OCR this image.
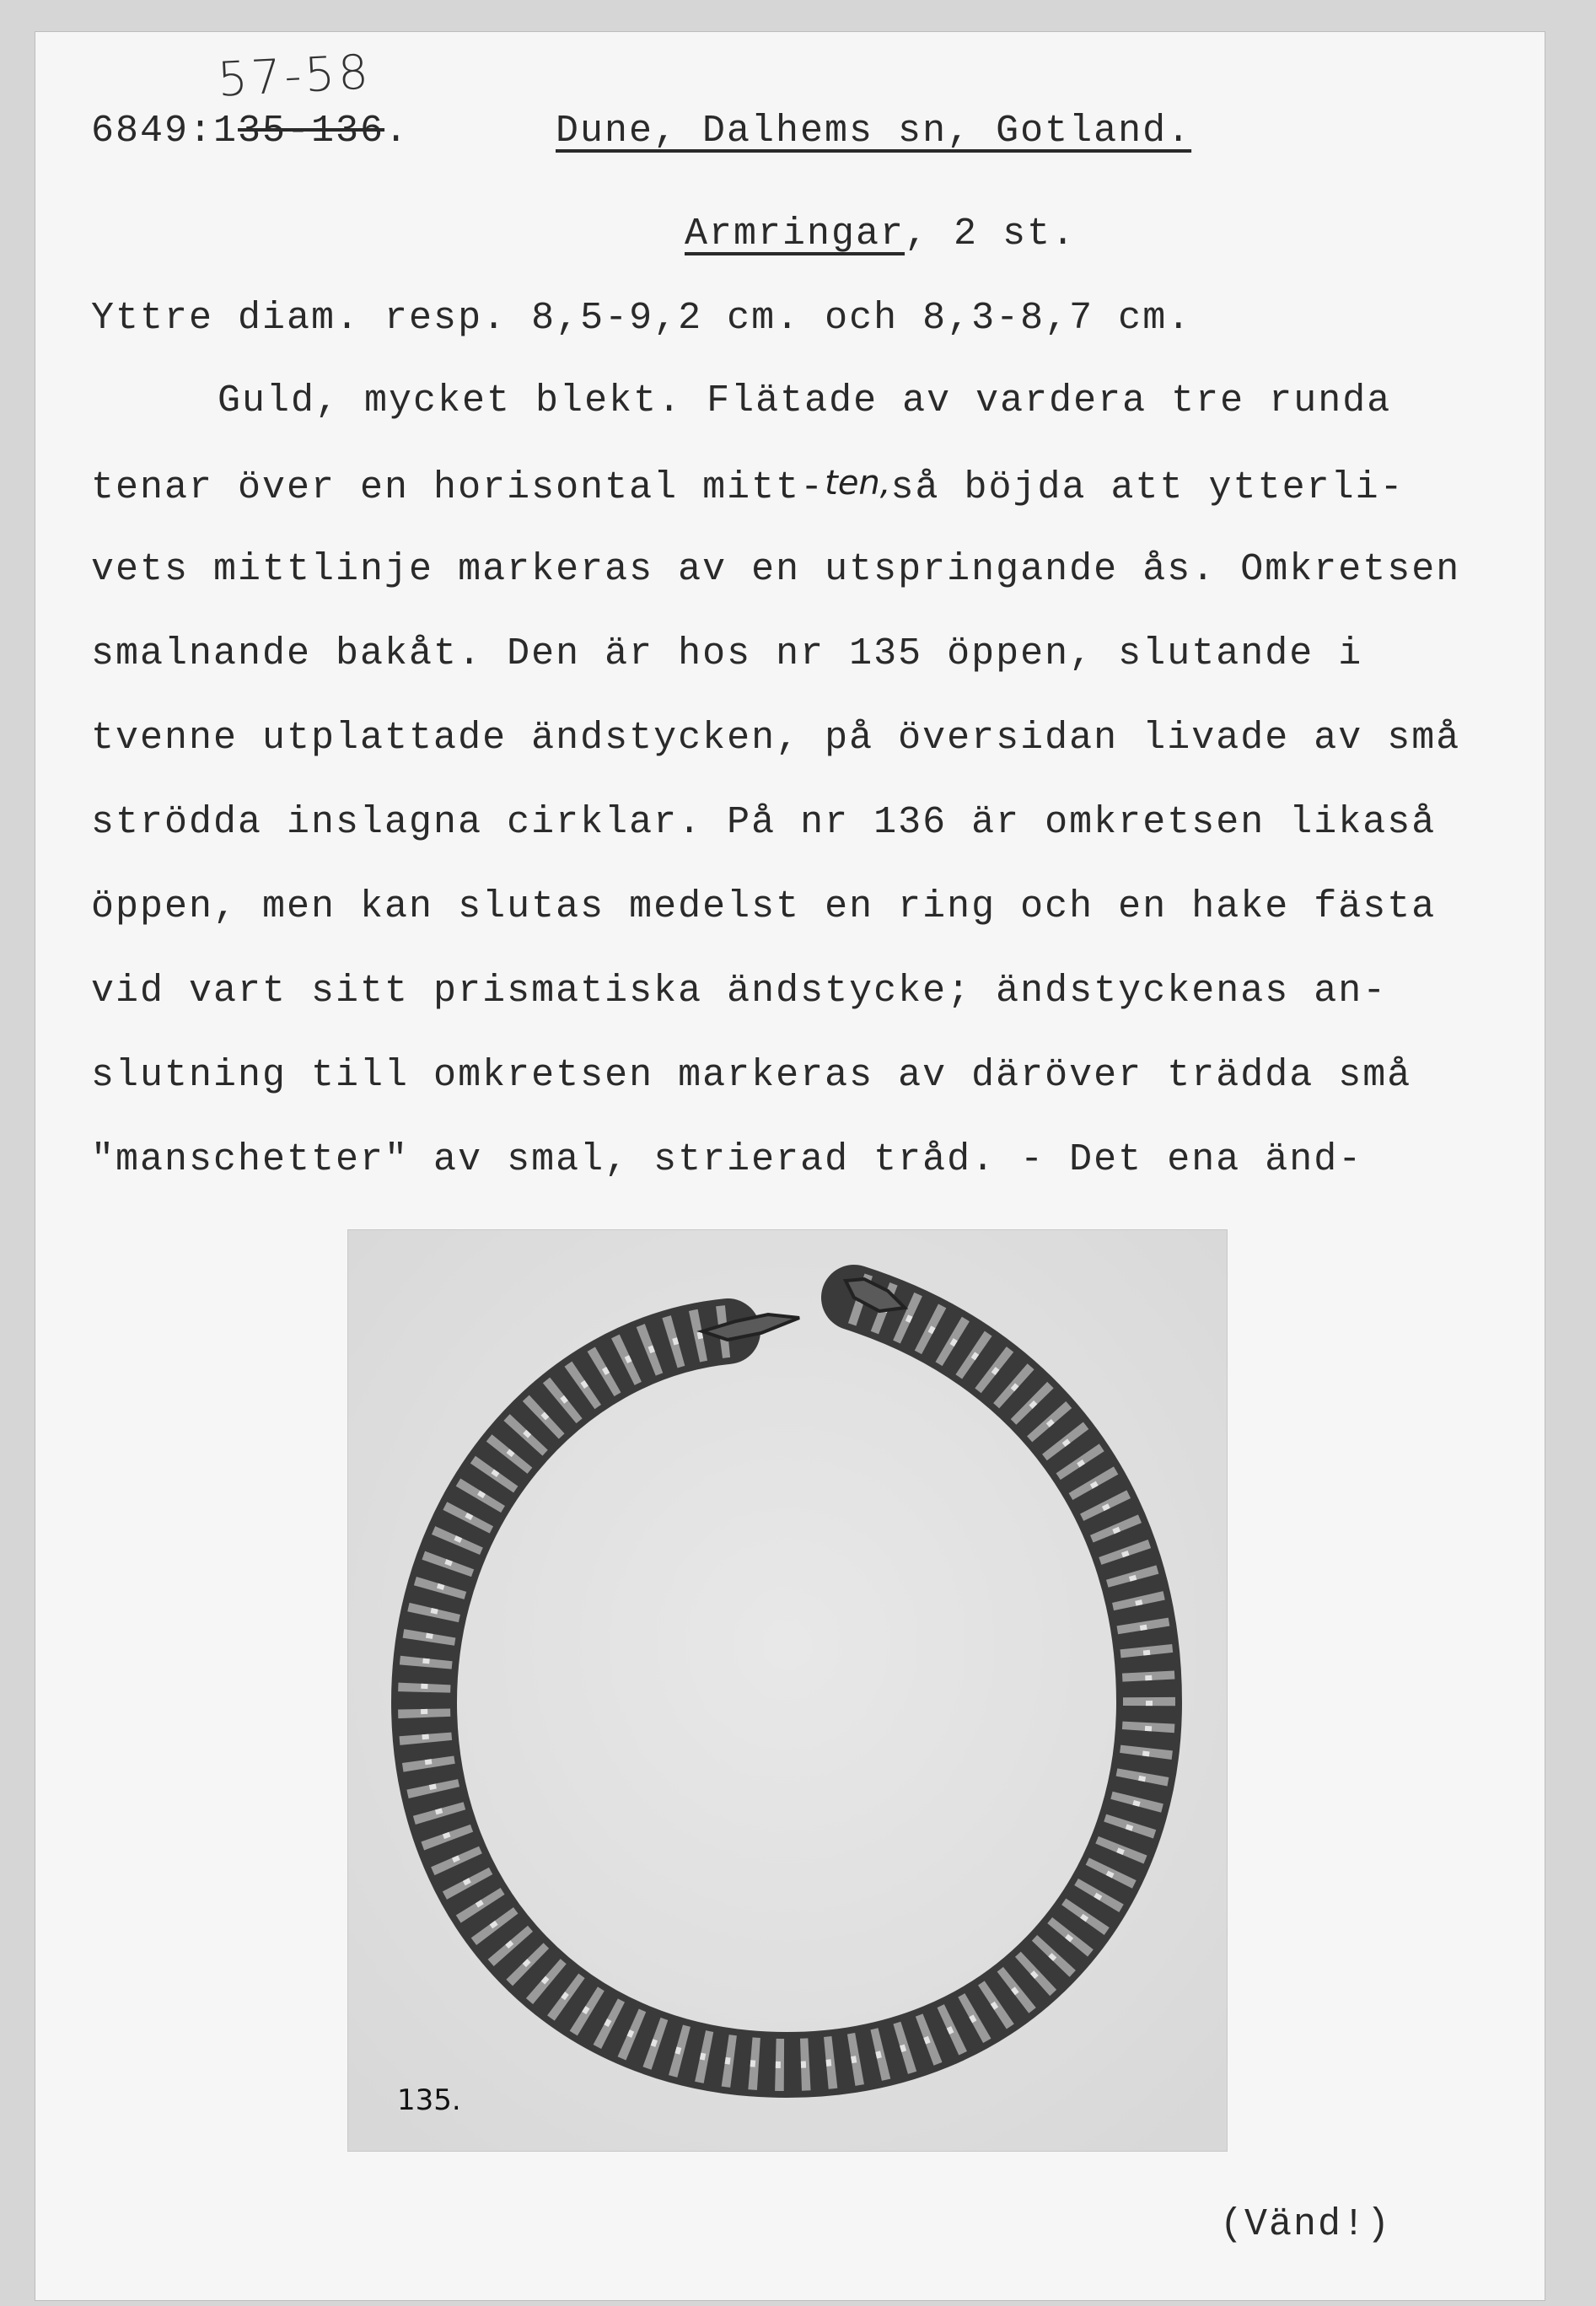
57-58
6849:135-136.	Dune, Dalhems sn, Gotland.
Armringar, 2 st.
Yttre diam. resp. 8,5-9,2 cm. och 8,3-8,7 cm.
Guld, mycket blekt. Flätade av vardera tre runda
tenar över en horisontal mitt-ten,så böjda att ytterli-
vets mittlinje markeras av en utspringande ås. Omkretsen
smalnande bakåt. Den är hos nr 135 öppen, slutande i
tvenne utplattade ändstycken, på översidan livade av små
strödda inslagna cirklar. På nr 136 är omkretsen likaså
öppen, men kan slutas medelst en ring och en hake fästa
vid vart sitt prismatiska ändstycke; ändstyckenas an-
slutning till omkretsen markeras av däröver trädda små
"manschetter" av smal, strierad tråd. - Det ena änd-
135.
(Vänd!)
